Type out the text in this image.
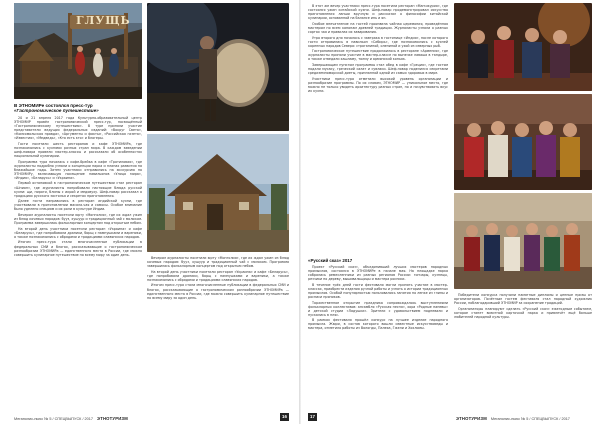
ГЛУЩЬ
В ЭТНОМИРе состоялся пресс-тур
«Гастрономическое путешествие»

20 и 21 апреля 2017 года Культурно-образовательный центр ЭТНОМИР провёл гастрономический пресс-тур, посвящённый «Гастрономическому путешествию». В туре приняли участие представители ведущих федеральных изданий: «Вокруг Света», «Комсомольская правда», «Аргументы и факты», «Российская газета», «Известия», «Медведь», «Кто есть кто» и блогеры.

Гости посетили шесть ресторанов и кафе ЭТНОМИРа, где познакомились с кухнями разных стран мира. В каждом заведении шеф-повара провели мастер-классы и рассказали об особенностях национальной кулинарии.

Программа тура началась с кофе-брейка в кафе «Тротиловая», где журналисты подробно узнали о концепции парка и планах развития на ближайшие годы. Затем участники отправились на экскурсию по ЭТНОМИРу, включающую посещение павильонов «Улица мира», «Индия», «Беларусь» и «Украина».

Первой остановкой в гастрономическом путешествии стал ресторан «Шпион», где журналисты попробовали настоящие блюда русской кухни: щи, пироги, блины с икрой и медовуху. Шеф-повар рассказал о традициях русского застолья и секретах приготовления.

Далее гости направились в ресторан индийской кухни, где участвовали в приготовлении масала-чая и самосы. Особое внимание было уделено специям и их роли в культуре Индии.

Вечером журналисты посетили юрту «Монголия», где их ждал ужин из блюд кочевых народов: бууз, хушуур и традиционный чай с молоком. Программа завершилась фольклорным концертом под открытым небом.

На второй день участники посетили ресторан «Украина» и кафе «Беларусь», где попробовали драники, борщ с пампушками и вареники, а также познакомились с обрядами и традициями славянских народов.

Итогом пресс-тура стали многочисленные публикации в федеральных СМИ и блогах, рассказывающие о гастрономическом разнообразии ЭТНОМИРа — единственного места в России, где можно совершить кулинарное путешествие по всему миру за один день.

Вечером журналисты посетили юрту «Монголия», где их ждал ужин из блюд кочевых народов: бууз, хушуур и традиционный чай с молоком. Программа завершилась фольклорным концертом под открытым небом.

На второй день участники посетили ресторан «Украина» и кафе «Беларусь», где попробовали драники, борщ с пампушками и вареники, а также познакомились с обрядами и традициями славянских народов.

Итогом пресс-тура стали многочисленные публикации в федеральных СМИ и блогах, рассказывающие о гастрономическом разнообразии ЭТНОМИРа — единственного места в России, где можно совершить кулинарное путешествие по всему миру за один день.

Мегаполис-ньюс № 5 / СПЕЦВЫПУСК / 2017 ЭТНОТУРИЗМ	16

В этот же вечер участники пресс-тура посетили ресторан «Манчжурия», где состоялся ужин китайской кухни. Шеф-повар продемонстрировал искусство приготовления лапши вручную и рассказал о философии китайской кулинарии, основанной на балансе инь и ян.

Особое впечатление на гостей произвела чайная церемония, проведённая мастером по всем канонам древней традиции. Журналисты узнали о разных сортах чая и правилах их заваривания.

Утро второго дня началось с завтрака в гостинице «Индия», после которого гости отправились в павильон «Сибирь», где познакомились с кухней коренных народов Севера: строганиной, олениной и ухой из северных рыб.

Гастрономическое путешествие продолжилось в ресторане «Армения», где журналисты приняли участие в мастер-классе по выпечке лаваша в тандыре, а также отведали хашламу, толму и армянский коньяк.

Завершающим пунктом программы стал обед в кафе «Греция», где гостям подали мусаку, греческий салат и сувлаки. Шеф-повар поделился секретами средиземноморской диеты, признанной одной из самых здоровых в мире.

Участники пресс-тура отметили высокий уровень организации и разнообразие программы. По их словам, ЭТНОМИР — уникальное место, где можно не только увидеть архитектуру разных стран, но и почувствовать вкус их кухни.

«Русский сказ» 2017

Проект «Русский сказ», объединивший лучших мастеров народных промыслов, состоялся в ЭТНОМИРе в начале мая. На площадке парка собрались ремесленники из разных регионов России: гончары, кузнецы, резчики по дереву, вышивальщицы и мастера росписи.

В течение трёх дней гости фестиваля могли принять участие в мастер-классах, приобрести изделия ручной работы и узнать о истории традиционных промыслов. Особой популярностью пользовались занятия по лепке из глины и росписи пряников.

Торжественное открытие праздника сопровождалось выступлениями фольклорных коллективов: ансамбля «Русская песня», хора «Родные напевы» и детской студии «Ладушки». Зрители с удовольствием подпевали и пускались в пляс.

В рамках фестиваля прошёл конкурс на лучшее изделие народного промысла. Жюри, в состав которого вошли известные искусствоведы и мастера, отметило работы из Вологды, Палеха, Гжели и Хохломы.

Победители конкурса получили памятные дипломы и ценные призы от организаторов. Почётным гостем фестиваля стал народный художник России, поблагодаривший ЭТНОМИР за сохранение традиций.

Организаторы планируют сделать «Русский сказ» ежегодным событием, которое станет визитной карточкой парка и привлечёт ещё больше любителей народной культуры.

17	ЭТНОТУРИЗМ Мегаполис-ньюс № 5 / СПЕЦВЫПУСК / 2017
